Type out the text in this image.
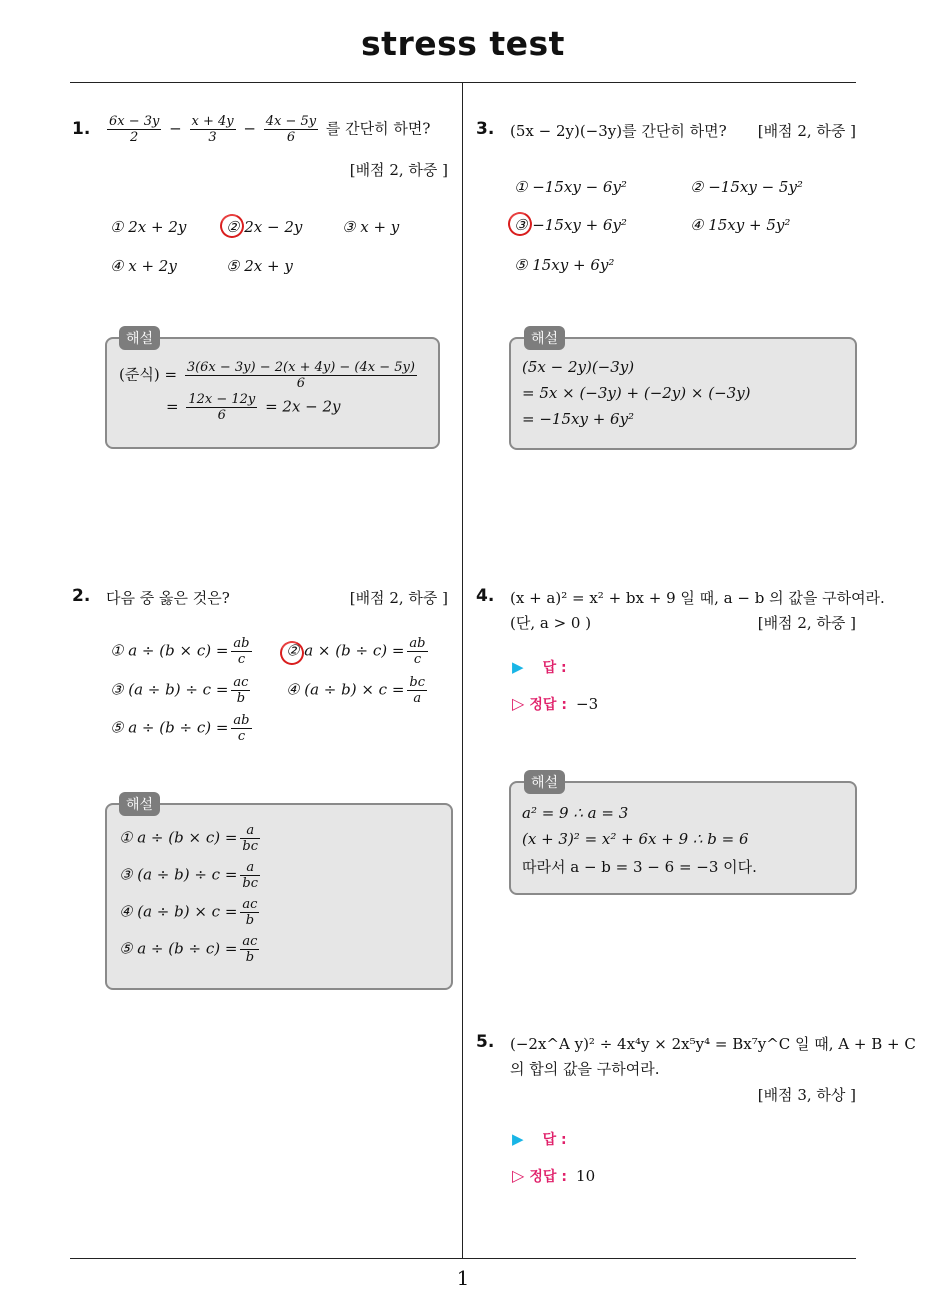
stress test
1
1. $\frac{6x - 3y}{2} - \frac{x + 4y}{3} - \frac{4x - 5y}{6}$ 를 간단히 하면?
[배점 2, 하중 ]
① 2x + 2y	② 2x − 2y	③ x + y
④ x + 2y	⑤ 2x + y
해설
(준식) = $\frac{3(6x - 3y) - 2(x + 4y) - (4x - 5y)}{6}$
= $\frac{12x - 12y}{6} = 2x - 2y$
2. 다음 중 옳은 것은?	[배점 2, 하중 ]
① $a \div (b \times c) = \frac{ab}{c}$ ② $a \times (b \div c) = \frac{ab}{c}$
③ $(a \div b) \div c = \frac{ac}{b}$ ④ $(a \div b) \times c = \frac{bc}{a}$
⑤ $a \div (b \div c) = \frac{ab}{c}$
해설
① $a \div (b \times c) = \frac{a}{bc}$
③ $(a \div b) \div c = \frac{a}{bc}$
④ $(a \div b) \times c = \frac{ac}{b}$
⑤ $a \div (b \div c) = \frac{ac}{b}$
3. (5x − 2y)(−3y)를 간단히 하면? [배점 2, 하중 ]
① −15xy − 6y²	② −15xy − 5y²
③ −15xy + 6y²	④ 15xy + 5y²
⑤ 15xy + 6y²
해설
(5x − 2y)(−3y)
= 5x × (−3y) + (−2y) × (−3y)
= −15xy + 6y²
4. (x + a)² = x² + bx + 9 일 때, a − b 의 값을 구하여라.
(단, a > 0 )	[배점 2, 하중 ]
▶ 답 :
▷ 정답 : −3
해설
a² = 9 ∴ a = 3
(x + 3)² = x² + 6x + 9 ∴ b = 6
따라서 a − b = 3 − 6 = −3 이다.
5. (−2x^A y)² ÷ 4x⁴y × 2x⁵y⁴ = Bx⁷y^C 일 때, A + B + C
의 합의 값을 구하여라.
[배점 3, 하상 ]
▶ 답 :
▷ 정답 : 10
